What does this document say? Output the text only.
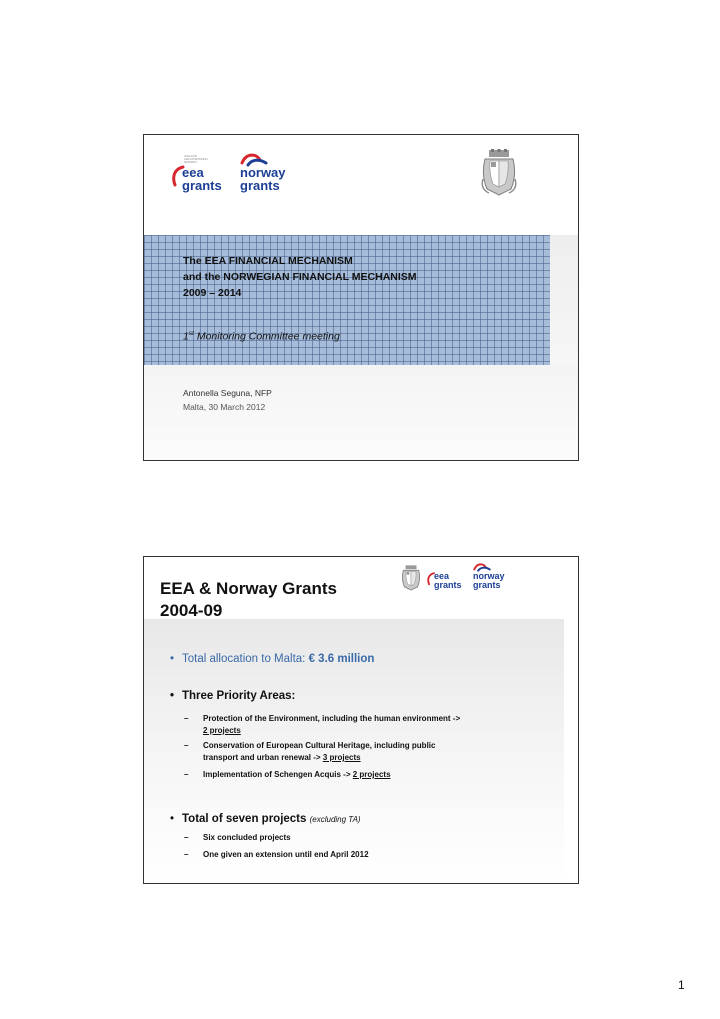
ICELAND
LIECHTENSTEIN
NORWAY
eea
grants
norway
grants
The EEA FINANCIAL MECHANISM
and the NORWEGIAN FINANCIAL MECHANISM
2009 – 2014
1st Monitoring Committee meeting
Antonella Seguna, NFP
Malta, 30 March 2012
EEA & Norway Grants
2004-09
eea
grants
norway
grants
• Total allocation to Malta: € 3.6 million
• Three Priority Areas:
– Protection of the Environment, including the human environment ->
2 projects
– Conservation of European Cultural Heritage, including public
transport and urban renewal -> 3 projects
– Implementation of Schengen Acquis -> 2 projects
• Total of seven projects (excluding TA)
– Six concluded projects
– One given an extension until end April 2012
1
